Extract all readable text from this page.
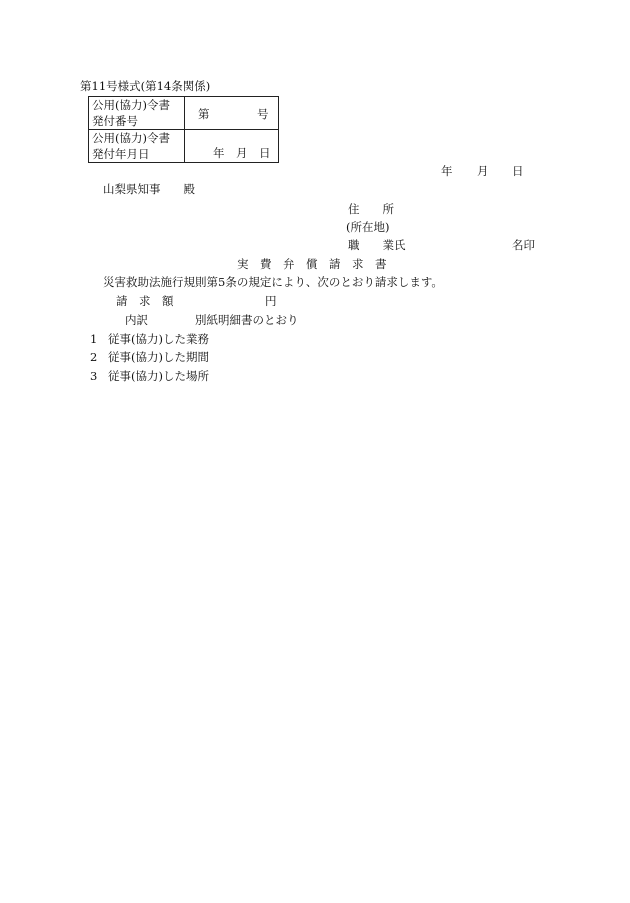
第11号様式(第14条関係)
公用(協力)令書
発付番号	第 号

公用(協力)令書
発付年月日	年 月 日
年 月 日
山梨県知事　　殿
住　　所
(所在地)
職　　業氏	名印
実　費　弁　償　請　求　書
災害救助法施行規則第5条の規定により、次のとおり請求します。
請　求　額	円
内訳	別紙明細書のとおり
1 従事(協力)した業務
2 従事(協力)した期間
3 従事(協力)した場所
